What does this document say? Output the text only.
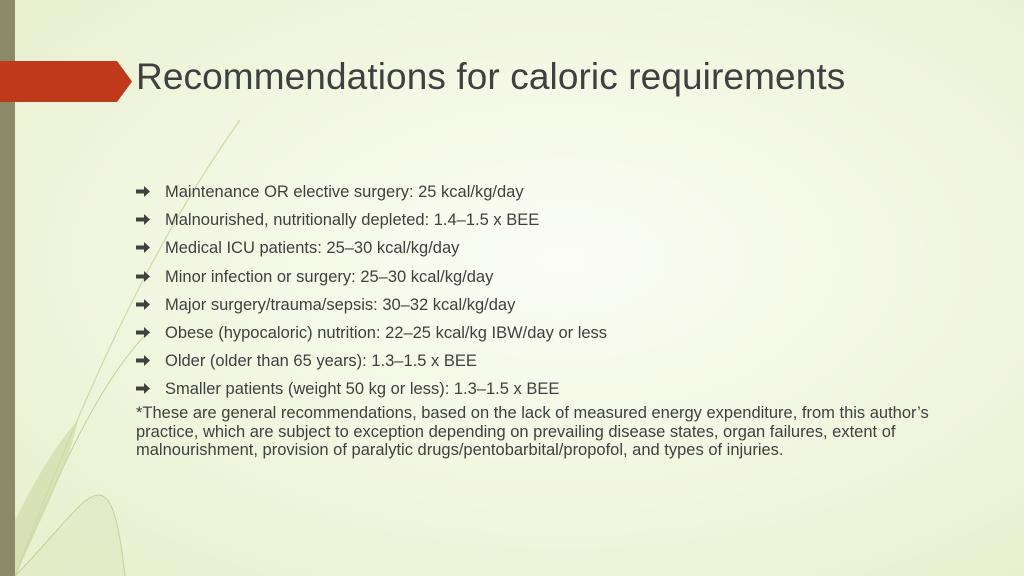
Recommendations for caloric requirements
Maintenance OR elective surgery: 25 kcal/kg/day
Malnourished, nutritionally depleted: 1.4–1.5 x BEE
Medical ICU patients: 25–30 kcal/kg/day
Minor infection or surgery: 25–30 kcal/kg/day
Major surgery/trauma/sepsis: 30–32 kcal/kg/day
Obese (hypocaloric) nutrition: 22–25 kcal/kg IBW/day or less
Older (older than 65 years): 1.3–1.5 x BEE
Smaller patients (weight 50 kg or less): 1.3–1.5 x BEE

*These are general recommendations, based on the lack of measured energy expenditure, from this author’s practice, which are subject to exception depending on prevailing disease states, organ failures, extent of malnourishment, provision of paralytic drugs/pentobarbital/propofol, and types of injuries.
